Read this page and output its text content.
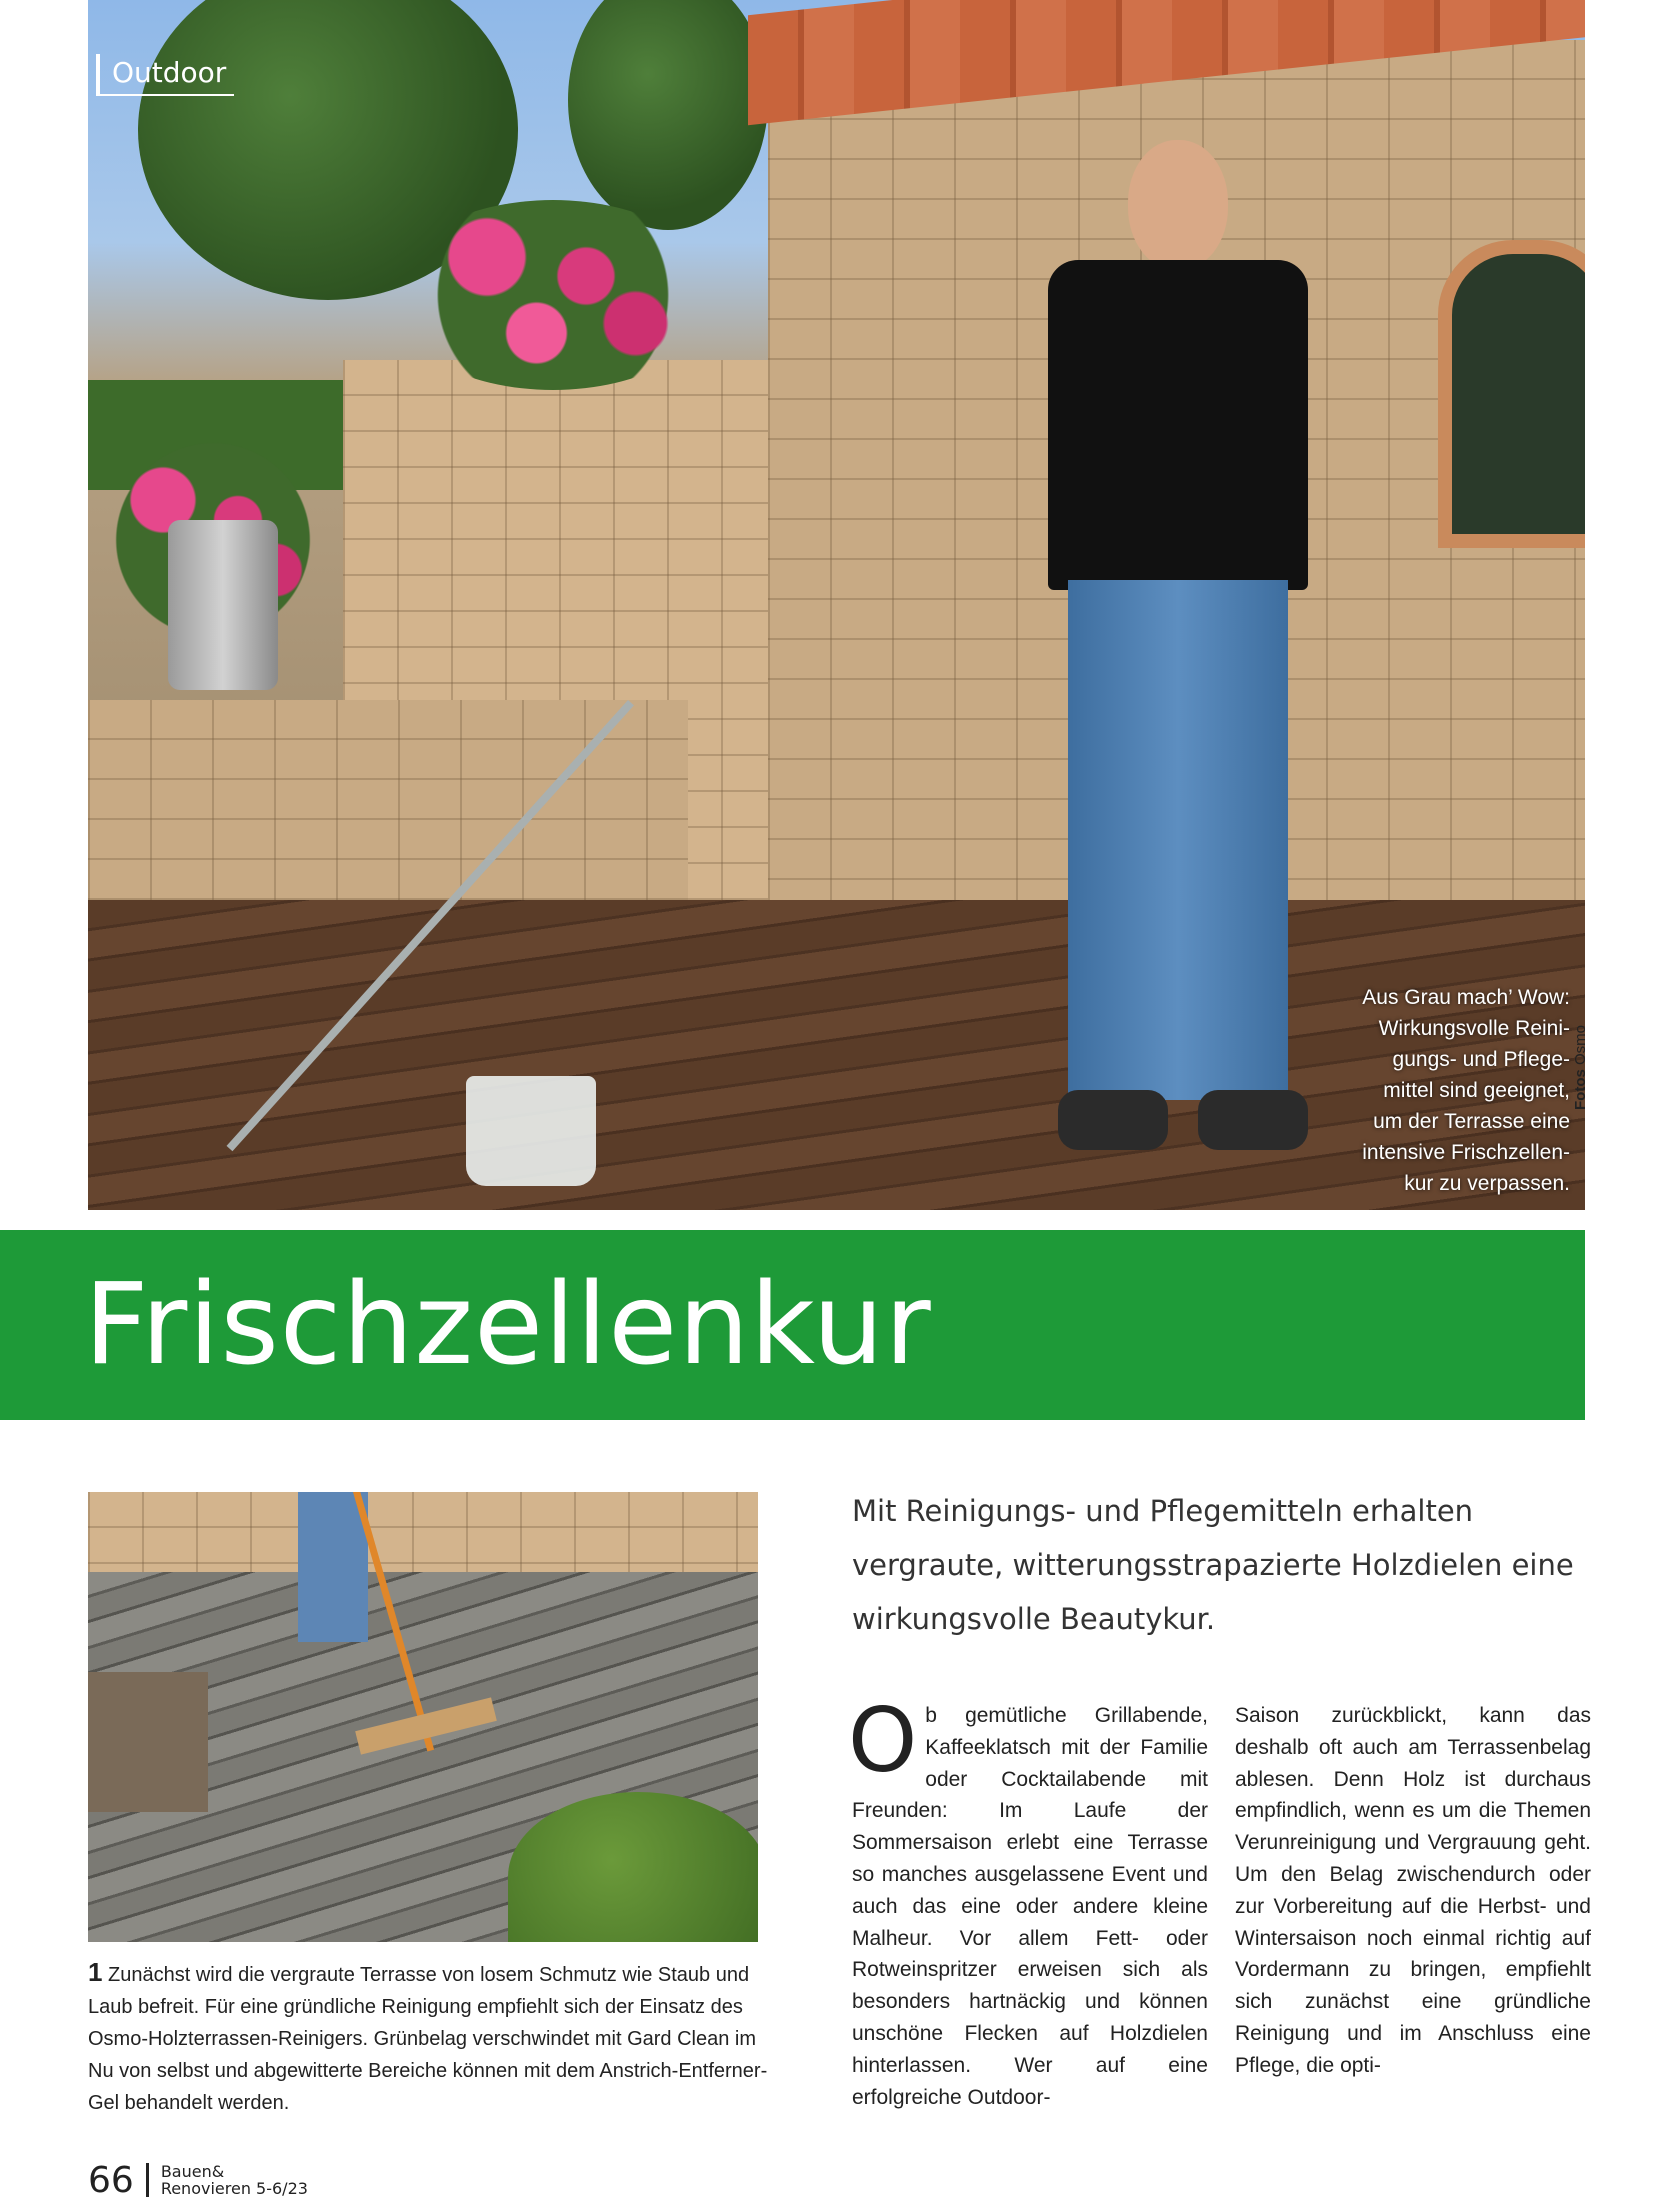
Outdoor
Aus Grau mach’ Wow:
Wirkungsvolle Reini-
gungs- und Pflege-
mittel sind geeignet,
um der Terrasse eine
intensive Frischzellen-
kur zu verpassen.
Fotos Osmo
Frischzellenkur
1 Zunächst wird die vergraute Terrasse von losem Schmutz wie Staub und Laub befreit. Für eine gründliche Reinigung empfiehlt sich der Einsatz des Osmo-Holzterrassen-Reinigers. Grünbelag verschwindet mit Gard Clean im Nu von selbst und abgewitterte Bereiche können mit dem Anstrich-Entferner-Gel behandelt werden.
Mit Reinigungs- und Pflegemitteln erhalten vergraute, witterungsstrapazierte Holzdielen eine wirkungsvolle Beautykur.
O b gemütliche Grillabende, Kaffeeklatsch mit der Familie oder Cocktailabende mit Freunden: Im Laufe der Sommersaison erlebt eine Terrasse so manches ausgelassene Event und auch das eine oder andere kleine Malheur. Vor allem Fett- oder Rotweinspritzer erweisen sich als besonders hartnäckig und können unschöne Flecken auf Holzdielen hinterlassen. Wer auf eine erfolgreiche Outdoor-
Saison zurückblickt, kann das deshalb oft auch am Terrassenbelag ablesen. Denn Holz ist durchaus empfindlich, wenn es um die Themen Verunreinigung und Vergrauung geht. Um den Belag zwischendurch oder zur Vorbereitung auf die Herbst- und Wintersaison noch einmal richtig auf Vordermann zu bringen, empfiehlt sich zunächst eine gründliche Reinigung und im Anschluss eine Pflege, die opti-
66 Bauen&
Renovieren 5-6/23
